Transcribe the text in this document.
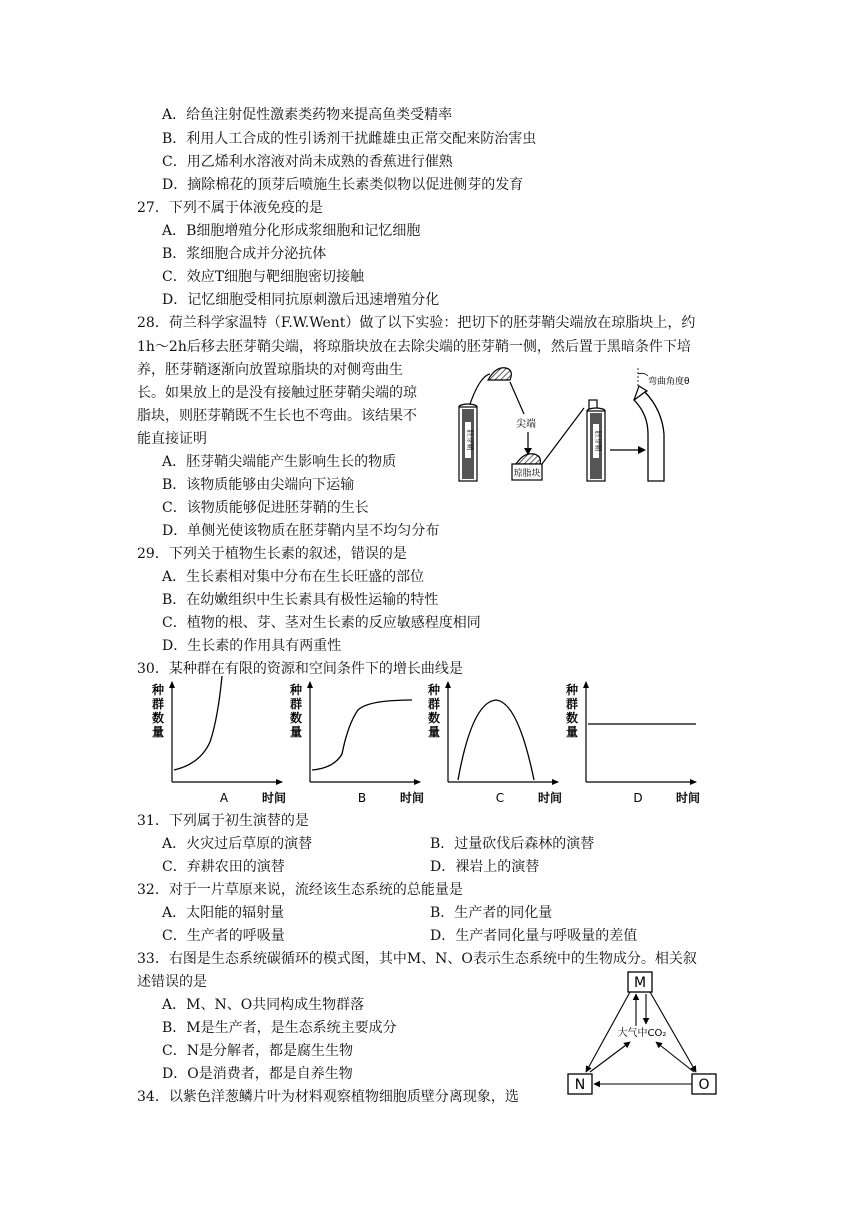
A．给鱼注射促性激素类药物来提高鱼类受精率
B．利用人工合成的性引诱剂干扰雌雄虫正常交配来防治害虫
C．用乙烯利水溶液对尚未成熟的香蕉进行催熟
D．摘除棉花的顶芽后喷施生长素类似物以促进侧芽的发育
27．下列不属于体液免疫的是
A．B细胞增殖分化形成浆细胞和记忆细胞
B．浆细胞合成并分泌抗体
C．效应T细胞与靶细胞密切接触
D．记忆细胞受相同抗原刺激后迅速增殖分化
28．荷兰科学家温特（F.W.Went）做了以下实验：把切下的胚芽鞘尖端放在琼脂块上，约
1h～2h后移去胚芽鞘尖端，将琼脂块放在去除尖端的胚芽鞘一侧，然后置于黑暗条件下培
养，胚芽鞘逐渐向放置琼脂块的对侧弯曲生
长。如果放上的是没有接触过胚芽鞘尖端的琼
脂块，则胚芽鞘既不生长也不弯曲。该结果不
能直接证明
A．胚芽鞘尖端能产生影响生长的物质
B．该物质能够由尖端向下运输
C．该物质能够促进胚芽鞘的生长
D．单侧光使该物质在胚芽鞘内呈不均匀分布
胚芽鞘
尖端
琼脂块
胚芽鞘
弯曲角度θ
29．下列关于植物生长素的叙述，错误的是
A．生长素相对集中分布在生长旺盛的部位
B．在幼嫩组织中生长素具有极性运输的特性
C．植物的根、芽、茎对生长素的反应敏感程度相同
D．生长素的作用具有两重性
30．某种群在有限的资源和空间条件下的增长曲线是
种
群
数
量
A	时间
种
群
数
量
B	时间
种
群
数
量
C	时间
种
群
数
量
D	时间
31．下列属于初生演替的是
A．火灾过后草原的演替	B．过量砍伐后森林的演替
C．弃耕农田的演替	D．裸岩上的演替
32．对于一片草原来说，流经该生态系统的总能量是
A．太阳能的辐射量	B．生产者的同化量
C．生产者的呼吸量	D．生产者同化量与呼吸量的差值
33．右图是生态系统碳循环的模式图，其中M、N、O表示生态系统中的生物成分。相关叙
述错误的是
A．M、N、O共同构成生物群落
B．M是生产者，是生态系统主要成分
C．N是分解者，都是腐生生物
D．O是消费者，都是自养生物
M
N	O
大气中CO₂
34．以紫色洋葱鳞片叶为材料观察植物细胞质壁分离现象，选
